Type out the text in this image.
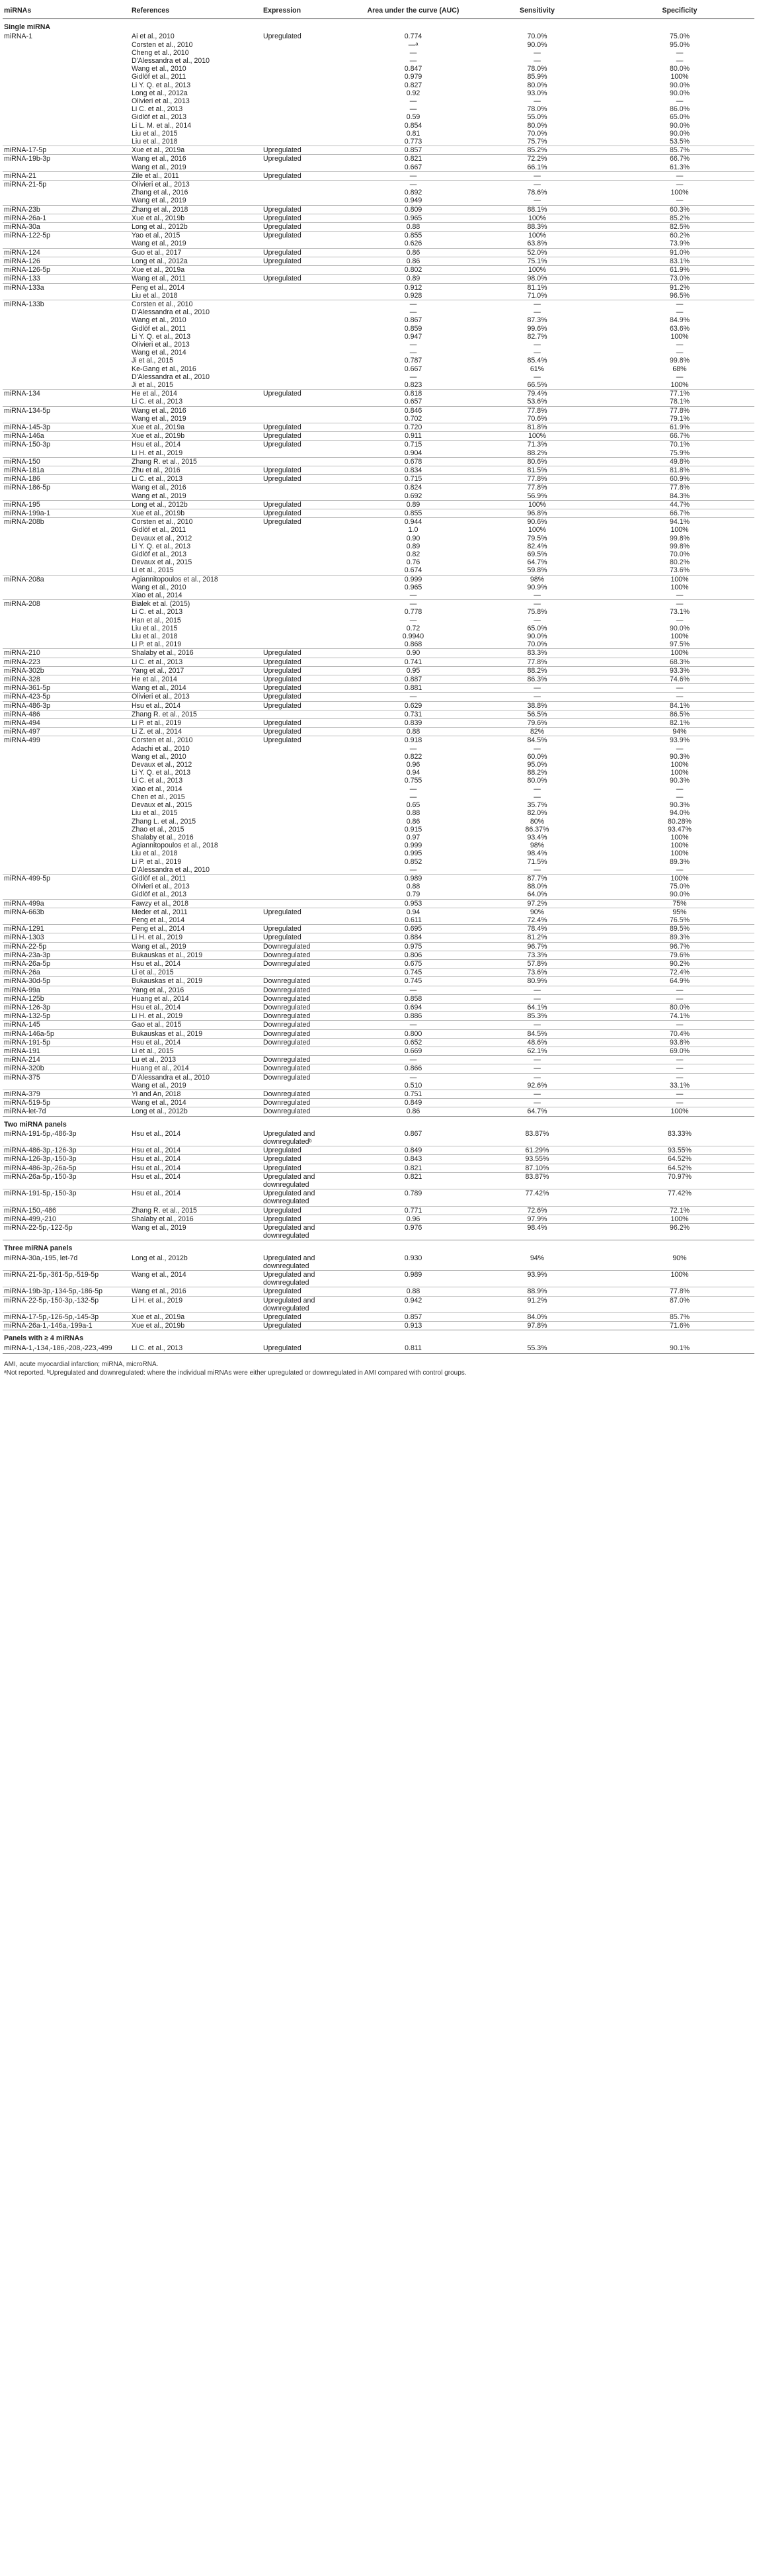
miRNAs	References	Expression	Area under the curve (AUC)	Sensitivity	Specificity
Single miRNA					
miRNA-1	Ai et al., 2010	Upregulated	0.774	70.0%	75.0%
	Corsten et al., 2010		—ᵃ	90.0%	95.0%
	Cheng et al., 2010		—	—	—
	D'Alessandra et al., 2010		—	—	—
	Wang et al., 2010		0.847	78.0%	80.0%
	Gidlöf et al., 2011		0.979	85.9%	100%
	Li Y. Q. et al., 2013		0.827	80.0%	90.0%
	Long et al., 2012a		0.92	93.0%	90.0%
	Olivieri et al., 2013		—	—	—
	Li C. et al., 2013		—	78.0%	86.0%
	Gidlöf et al., 2013		0.59	55.0%	65.0%
	Li L. M. et al., 2014		0.854	80.0%	90.0%
	Liu et al., 2015		0.81	70.0%	90.0%
	Liu et al., 2018		0.773	75.7%	53.5%
miRNA-17-5p	Xue et al., 2019a	Upregulated	0.857	85.2%	85.7%
miRNA-19b-3p	Wang et al., 2016	Upregulated	0.821	72.2%	66.7%
	Wang et al., 2019		0.667	66.1%	61.3%
miRNA-21	Zile et al., 2011	Upregulated	—	—	—
miRNA-21-5p	Olivieri et al., 2013		—	—	—
	Zhang et al., 2016		0.892	78.6%	100%
	Wang et al., 2019		0.949	—	—
miRNA-23b	Zhang et al., 2018	Upregulated	0.809	88.1%	60.3%
miRNA-26a-1	Xue et al., 2019b	Upregulated	0.965	100%	85.2%
miRNA-30a	Long et al., 2012b	Upregulated	0.88	88.3%	82.5%
miRNA-122-5p	Yao et al., 2015	Upregulated	0.855	100%	60.2%
	Wang et al., 2019		0.626	63.8%	73.9%
miRNA-124	Guo et al., 2017	Upregulated	0.86	52.0%	91.0%
miRNA-126	Long et al., 2012a	Upregulated	0.86	75.1%	83.1%
miRNA-126-5p	Xue et al., 2019a		0.802	100%	61.9%
miRNA-133	Wang et al., 2011	Upregulated	0.89	98.0%	73.0%
miRNA-133a	Peng et al., 2014		0.912	81.1%	91.2%
	Liu et al., 2018		0.928	71.0%	96.5%
miRNA-133b	Corsten et al., 2010		—	—	—
	D'Alessandra et al., 2010		—	—	—
	Wang et al., 2010		0.867	87.3%	84.9%
	Gidlöf et al., 2011		0.859	99.6%	63.6%
	Li Y. Q. et al., 2013		0.947	82.7%	100%
	Olivieri et al., 2013		—	—	—
	Wang et al., 2014		—	—	—
	Ji et al., 2015		0.787	85.4%	99.8%
	Ke-Gang et al., 2016		0.667	61%	68%
	D'Alessandra et al., 2010		—	—	—
	Ji et al., 2015		0.823	66.5%	100%
miRNA-134	He et al., 2014	Upregulated	0.818	79.4%	77.1%
	Li C. et al., 2013		0.657	53.6%	78.1%
miRNA-134-5p	Wang et al., 2016		0.846	77.8%	77.8%
	Wang et al., 2019		0.702	70.6%	79.1%
miRNA-145-3p	Xue et al., 2019a	Upregulated	0.720	81.8%	61.9%
miRNA-146a	Xue et al., 2019b	Upregulated	0.911	100%	66.7%
miRNA-150-3p	Hsu et al., 2014	Upregulated	0.715	71.3%	70.1%
	Li H. et al., 2019		0.904	88.2%	75.9%
miRNA-150	Zhang R. et al., 2015		0.678	80.6%	49.8%
miRNA-181a	Zhu et al., 2016	Upregulated	0.834	81.5%	81.8%
miRNA-186	Li C. et al., 2013	Upregulated	0.715	77.8%	60.9%
miRNA-186-5p	Wang et al., 2016		0.824	77.8%	77.8%
	Wang et al., 2019		0.692	56.9%	84.3%
miRNA-195	Long et al., 2012b	Upregulated	0.89	100%	44.7%
miRNA-199a-1	Xue et al., 2019b	Upregulated	0.855	96.8%	66.7%
miRNA-208b	Corsten et al., 2010	Upregulated	0.944	90.6%	94.1%
	Gidlöf et al., 2011		1.0	100%	100%
	Devaux et al., 2012		0.90	79.5%	99.8%
	Li Y. Q. et al., 2013		0.89	82.4%	99.8%
	Gidlöf et al., 2013		0.82	69.5%	70.0%
	Devaux et al., 2015		0.76	64.7%	80.2%
	Li et al., 2015		0.674	59.8%	73.6%
miRNA-208a	Agiannitopoulos et al., 2018		0.999	98%	100%
	Wang et al., 2010		0.965	90.9%	100%
	Xiao et al., 2014		—	—	—
miRNA-208	Bialek et al. (2015)		—	—	—
	Li C. et al., 2013		0.778	75.8%	73.1%
	Han et al., 2015		—	—	—
	Liu et al., 2015		0.72	65.0%	90.0%
	Liu et al., 2018		0.9940	90.0%	100%
	Li P. et al., 2019		0.868	70.0%	97.5%
miRNA-210	Shalaby et al., 2016	Upregulated	0.90	83.3%	100%
miRNA-223	Li C. et al., 2013	Upregulated	0.741	77.8%	68.3%
miRNA-302b	Yang et al., 2017	Upregulated	0.95	88.2%	93.3%
miRNA-328	He et al., 2014	Upregulated	0.887	86.3%	74.6%
miRNA-361-5p	Wang et al., 2014	Upregulated	0.881	—	—
miRNA-423-5p	Olivieri et al., 2013	Upregulated	—	—	—
miRNA-486-3p	Hsu et al., 2014	Upregulated	0.629	38.8%	84.1%
miRNA-486	Zhang R. et al., 2015		0.731	56.5%	86.5%
miRNA-494	Li P. et al., 2019	Upregulated	0.839	79.6%	82.1%
miRNA-497	Li Z. et al., 2014	Upregulated	0.88	82%	94%
miRNA-499	Corsten et al., 2010	Upregulated	0.918	84.5%	93.9%
	Adachi et al., 2010		—	—	—
	Wang et al., 2010		0.822	60.0%	90.3%
	Devaux et al., 2012		0.96	95.0%	100%
	Li Y. Q. et al., 2013		0.94	88.2%	100%
	Li C. et al., 2013		0.755	80.0%	90.3%
	Xiao et al., 2014		—	—	—
	Chen et al., 2015		—	—	—
	Devaux et al., 2015		0.65	35.7%	90.3%
	Liu et al., 2015		0.88	82.0%	94.0%
	Zhang L. et al., 2015		0.86	80%	80.28%
	Zhao et al., 2015		0.915	86.37%	93.47%
	Shalaby et al., 2016		0.97	93.4%	100%
	Agiannitopoulos et al., 2018		0.999	98%	100%
	Liu et al., 2018		0.995	98.4%	100%
	Li P. et al., 2019		0.852	71.5%	89.3%
	D'Alessandra et al., 2010		—	—	—
miRNA-499-5p	Gidlöf et al., 2011		0.989	87.7%	100%
	Olivieri et al., 2013		0.88	88.0%	75.0%
	Gidlöf et al., 2013		0.79	64.0%	90.0%
miRNA-499a	Fawzy et al., 2018		0.953	97.2%	75%
miRNA-663b	Meder et al., 2011	Upregulated	0.94	90%	95%
	Peng et al., 2014		0.611	72.4%	76.5%
miRNA-1291	Peng et al., 2014	Upregulated	0.695	78.4%	89.5%
miRNA-1303	Li H. et al., 2019	Upregulated	0.884	81.2%	89.3%
miRNA-22-5p	Wang et al., 2019	Downregulated	0.975	96.7%	96.7%
miRNA-23a-3p	Bukauskas et al., 2019	Downregulated	0.806	73.3%	79.6%
miRNA-26a-5p	Hsu et al., 2014	Downregulated	0.675	57.8%	90.2%
miRNA-26a	Li et al., 2015		0.745	73.6%	72.4%
miRNA-30d-5p	Bukauskas et al., 2019	Downregulated	0.745	80.9%	64.9%
miRNA-99a	Yang et al., 2016	Downregulated	—	—	—
miRNA-125b	Huang et al., 2014	Downregulated	0.858	—	—
miRNA-126-3p	Hsu et al., 2014	Downregulated	0.694	64.1%	80.0%
miRNA-132-5p	Li H. et al., 2019	Downregulated	0.886	85.3%	74.1%
miRNA-145	Gao et al., 2015	Downregulated	—	—	—
miRNA-146a-5p	Bukauskas et al., 2019	Downregulated	0.800	84.5%	70.4%
miRNA-191-5p	Hsu et al., 2014	Downregulated	0.652	48.6%	93.8%
miRNA-191	Li et al., 2015		0.669	62.1%	69.0%
miRNA-214	Lu et al., 2013	Downregulated	—	—	—
miRNA-320b	Huang et al., 2014	Downregulated	0.866	—	—
miRNA-375	D'Alessandra et al., 2010	Downregulated	—	—	—
	Wang et al., 2019		0.510	92.6%	33.1%
miRNA-379	Yi and An, 2018	Downregulated	0.751	—	—
miRNA-519-5p	Wang et al., 2014	Downregulated	0.849	—	—
miRNA-let-7d	Long et al., 2012b	Downregulated	0.86	64.7%	100%
Two miRNA panels					
miRNA-191-5p,-486-3p	Hsu et al., 2014	Upregulated and downregulatedᵇ	0.867	83.87%	83.33%
miRNA-486-3p,-126-3p	Hsu et al., 2014	Upregulated	0.849	61.29%	93.55%
miRNA-126-3p,-150-3p	Hsu et al., 2014	Upregulated	0.843	93.55%	64.52%
miRNA-486-3p,-26a-5p	Hsu et al., 2014	Upregulated	0.821	87.10%	64.52%
miRNA-26a-5p,-150-3p	Hsu et al., 2014	Upregulated and downregulated	0.821	83.87%	70.97%
miRNA-191-5p,-150-3p	Hsu et al., 2014	Upregulated and downregulated	0.789	77.42%	77.42%
miRNA-150,-486	Zhang R. et al., 2015	Upregulated	0.771	72.6%	72.1%
miRNA-499,-210	Shalaby et al., 2016	Upregulated	0.96	97.9%	100%
miRNA-22-5p,-122-5p	Wang et al., 2019	Upregulated and downregulated	0.976	98.4%	96.2%
Three miRNA panels					
miRNA-30a,-195, let-7d	Long et al., 2012b	Upregulated and downregulated	0.930	94%	90%
miRNA-21-5p,-361-5p,-519-5p	Wang et al., 2014	Upregulated and downregulated	0.989	93.9%	100%
miRNA-19b-3p,-134-5p,-186-5p	Wang et al., 2016	Upregulated	0.88	88.9%	77.8%
miRNA-22-5p,-150-3p,-132-5p	Li H. et al., 2019	Upregulated and downregulated	0.942	91.2%	87.0%
miRNA-17-5p,-126-5p,-145-3p	Xue et al., 2019a	Upregulated	0.857	84.0%	85.7%
miRNA-26a-1,-146a,-199a-1	Xue et al., 2019b	Upregulated	0.913	97.8%	71.6%
Panels with ≥ 4 miRNAs					
miRNA-1,-134,-186,-208,-223,-499	Li C. et al., 2013	Upregulated	0.811	55.3%	90.1%
AMI, acute myocardial infarction; miRNA, microRNA.
ᵃNot reported. ᵇUpregulated and downregulated: where the individual miRNAs were either upregulated or downregulated in AMI compared with control groups.
